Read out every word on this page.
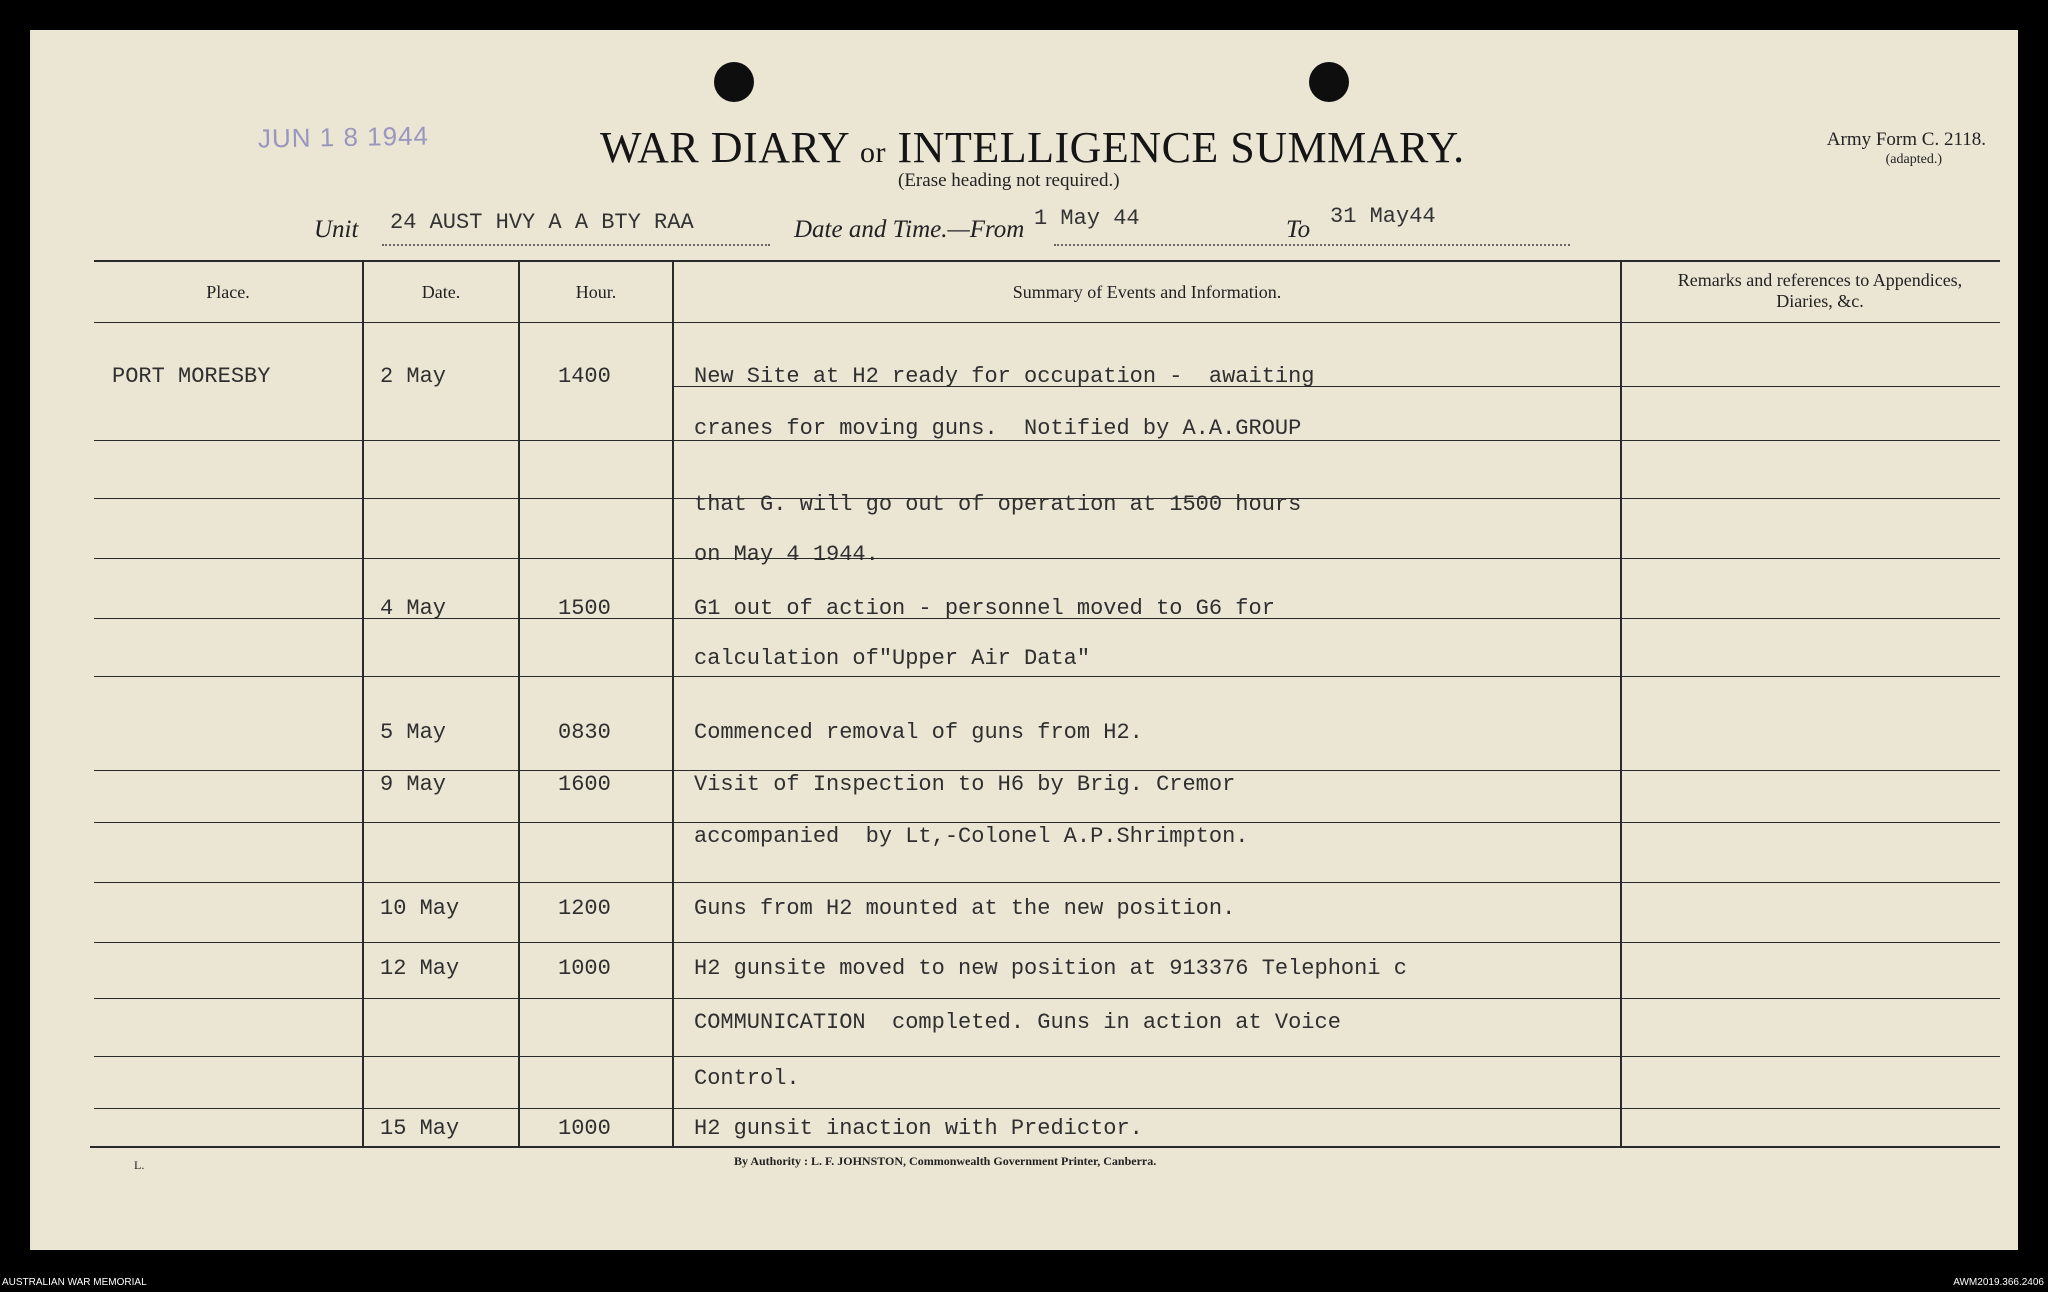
JUN 1 8 1944	WAR DIARY or INTELLIGENCE SUMMARY.
(Erase heading not required.)
Army Form C. 2118.
(adapted.)
Unit 24 AUST HVY A A BTY RAA	Date and Time.—From 1 May 44	To 31 May44
Place.	Date.	Hour.	Summary of Events and Information.
Remarks and references to Appendices, Diaries, &c.
PORT MORESBY	2 May	1400	New Site at H2 ready for occupation -  awaiting
cranes for moving guns.  Notified by A.A.GROUP
that G. will go out of operation at 1500 hours
on May 4 1944.
4 May	1500	G1 out of action - personnel moved to G6 for
calculation of"Upper Air Data"
5 May	0830	Commenced removal of guns from H2.
9 May	1600	Visit of Inspection to H6 by Brig. Cremor
accompanied  by Lt,-Colonel A.P.Shrimpton.
10 May	1200	Guns from H2 mounted at the new position.
12 May	1000	H2 gunsite moved to new position at 913376 Telephoni c
COMMUNICATION  completed. Guns in action at Voice
Control.
15 May	1000	H2 gunsit inaction with Predictor.
L.	By Authority : L. F. JOHNSTON, Commonwealth Government Printer, Canberra.
AUSTRALIAN WAR MEMORIAL	AWM2019.366.2406
